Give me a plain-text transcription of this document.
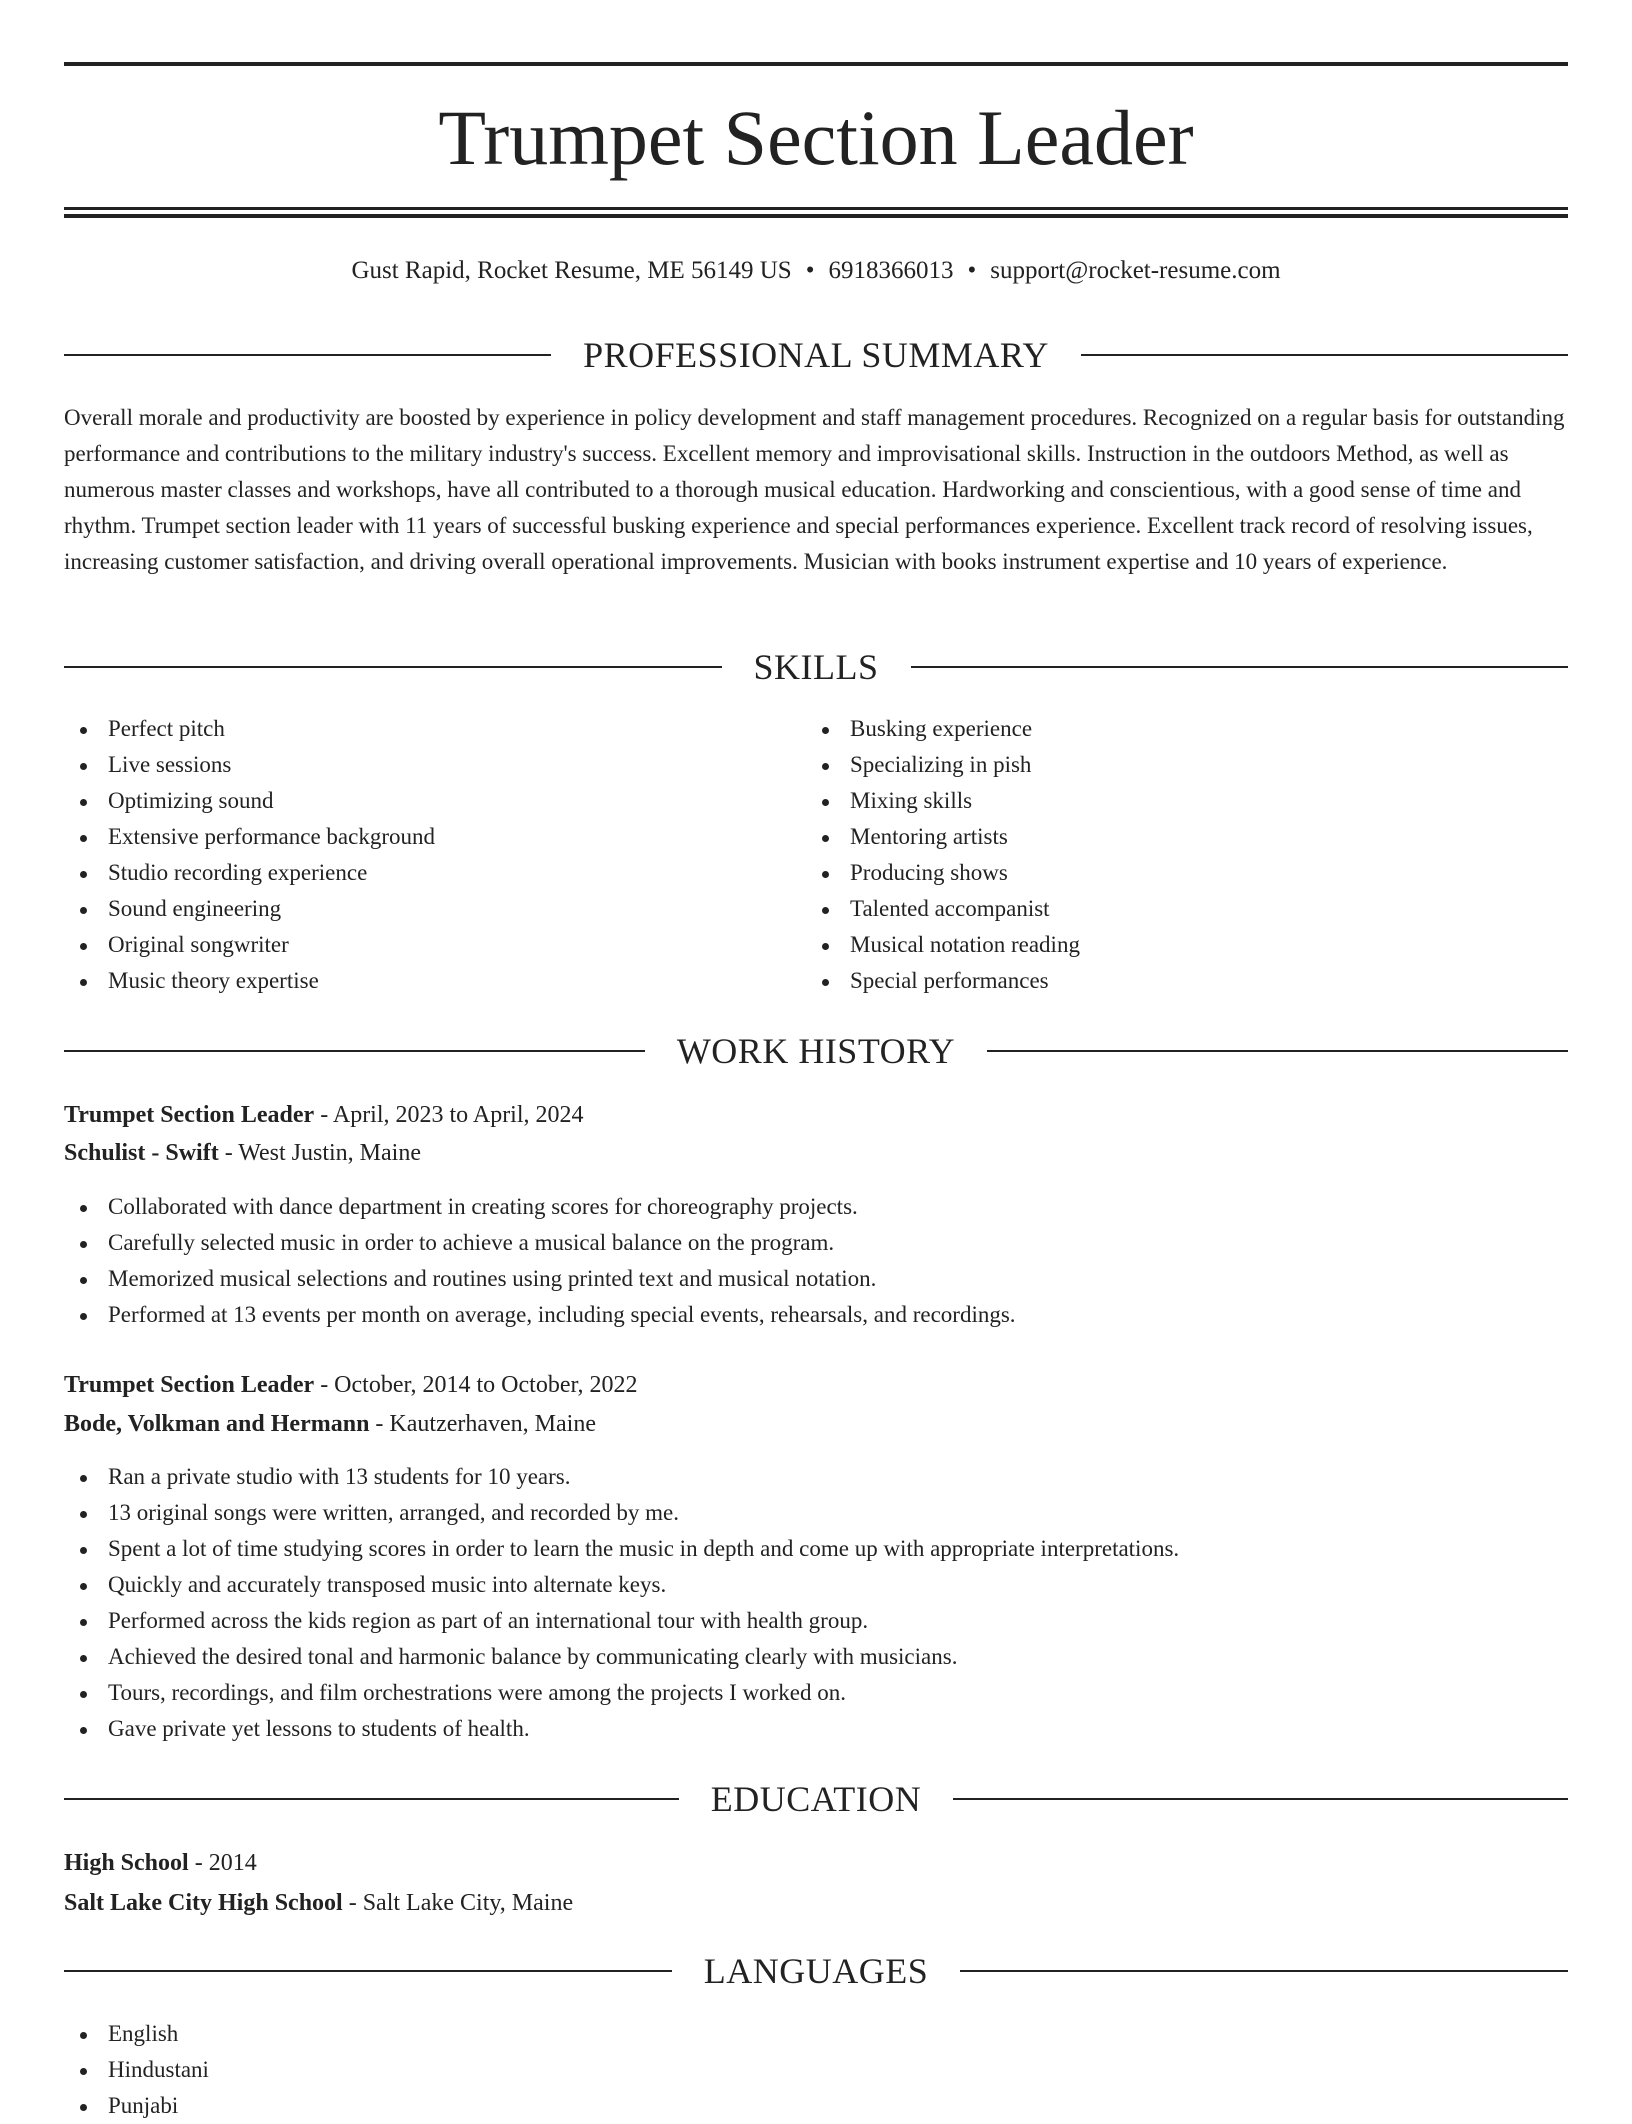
Trumpet Section Leader
Gust Rapid, Rocket Resume, ME 56149 US • 6918366013 • support@rocket-resume.com
PROFESSIONAL SUMMARY
Overall morale and productivity are boosted by experience in policy development and staff management procedures. Recognized on a regular basis for outstanding performance and contributions to the military industry's success. Excellent memory and improvisational skills. Instruction in the outdoors Method, as well as numerous master classes and workshops, have all contributed to a thorough musical education. Hardworking and conscientious, with a good sense of time and rhythm. Trumpet section leader with 11 years of successful busking experience and special performances experience. Excellent track record of resolving issues, increasing customer satisfaction, and driving overall operational improvements. Musician with books instrument expertise and 10 years of experience.
SKILLS
Perfect pitch
Live sessions
Optimizing sound
Extensive performance background
Studio recording experience
Sound engineering
Original songwriter
Music theory expertise
Busking experience
Specializing in pish
Mixing skills
Mentoring artists
Producing shows
Talented accompanist
Musical notation reading
Special performances
WORK HISTORY
Trumpet Section Leader - April, 2023 to April, 2024
Schulist - Swift - West Justin, Maine
Collaborated with dance department in creating scores for choreography projects.
Carefully selected music in order to achieve a musical balance on the program.
Memorized musical selections and routines using printed text and musical notation.
Performed at 13 events per month on average, including special events, rehearsals, and recordings.
Trumpet Section Leader - October, 2014 to October, 2022
Bode, Volkman and Hermann - Kautzerhaven, Maine
Ran a private studio with 13 students for 10 years.
13 original songs were written, arranged, and recorded by me.
Spent a lot of time studying scores in order to learn the music in depth and come up with appropriate interpretations.
Quickly and accurately transposed music into alternate keys.
Performed across the kids region as part of an international tour with health group.
Achieved the desired tonal and harmonic balance by communicating clearly with musicians.
Tours, recordings, and film orchestrations were among the projects I worked on.
Gave private yet lessons to students of health.
EDUCATION
High School - 2014
Salt Lake City High School - Salt Lake City, Maine
LANGUAGES
English
Hindustani
Punjabi
